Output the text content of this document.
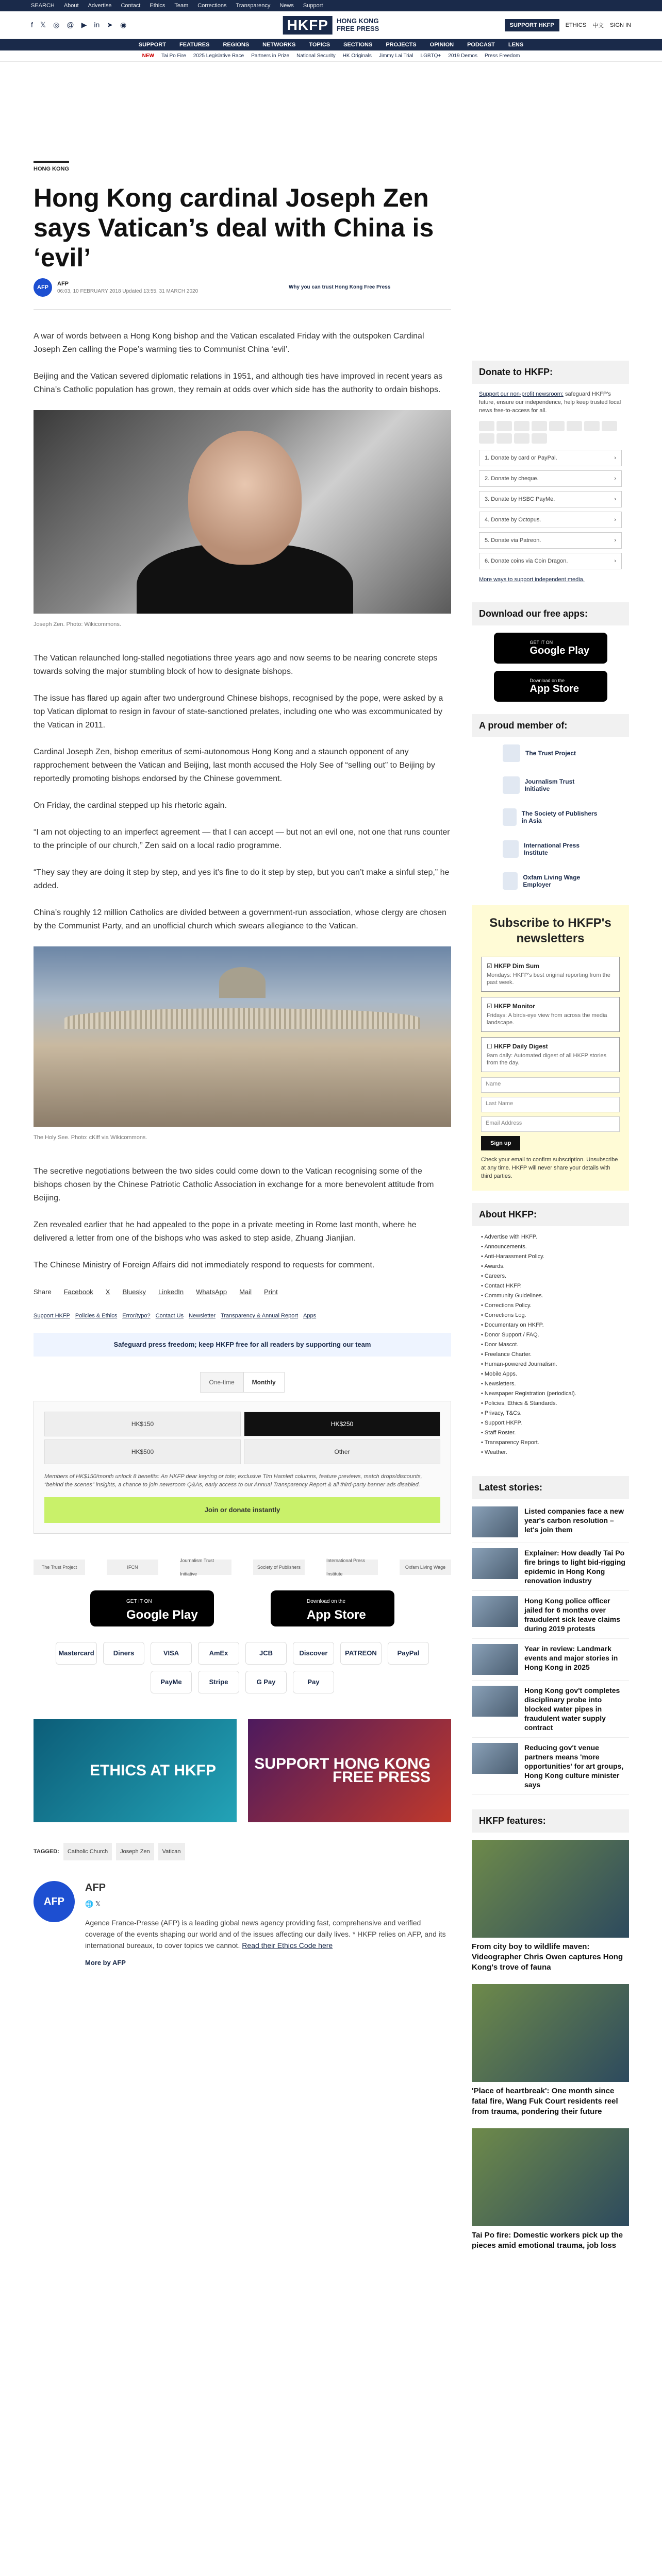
SEARCH About Advertise Contact Ethics Team Corrections Transparency News Support
f 𝕏 ◎ @ ▶ in ➤ ◉	HKFP	HONG KONG
FREE PRESS	SUPPORT HKFP	ETHICS 中文 SIGN IN
SUPPORT FEATURES REGIONS NETWORKS TOPICS SECTIONS PROJECTS OPINION PODCAST LENS
NEW Tai Po Fire 2025 Legislative Race Partners in Prize National Security HK Originals Jimmy Lai Trial LGBTQ+ 2019 Demos Press Freedom
HONG KONG
Hong Kong cardinal Joseph Zen says Vatican’s deal with China is ‘evil’
AFP
AFP
06:03, 10 FEBRUARY 2018 Updated 13:55, 31 MARCH 2020
Why you can trust Hong Kong Free Press

A war of words between a Hong Kong bishop and the Vatican escalated Friday with the outspoken Cardinal Joseph Zen calling the Pope’s warming ties to Communist China ‘evil’.

Beijing and the Vatican severed diplomatic relations in 1951, and although ties have improved in recent years as China’s Catholic population has grown, they remain at odds over which side has the authority to ordain bishops.

Joseph Zen. Photo: Wikicommons.

The Vatican relaunched long-stalled negotiations three years ago and now seems to be nearing concrete steps towards solving the major stumbling block of how to designate bishops.

The issue has flared up again after two underground Chinese bishops, recognised by the pope, were asked by a top Vatican diplomat to resign in favour of state-sanctioned prelates, including one who was excommunicated by the Vatican in 2011.

Cardinal Joseph Zen, bishop emeritus of semi-autonomous Hong Kong and a staunch opponent of any rapprochement between the Vatican and Beijing, last month accused the Holy See of “selling out” to Beijing by reportedly promoting bishops endorsed by the Chinese government.

On Friday, the cardinal stepped up his rhetoric again.

“I am not objecting to an imperfect agreement — that I can accept — but not an evil one, not one that runs counter to the principle of our church,” Zen said on a local radio programme.

“They say they are doing it step by step, and yes it’s fine to do it step by step, but you can’t make a sinful step,” he added.

China’s roughly 12 million Catholics are divided between a government-run association, whose clergy are chosen by the Communist Party, and an unofficial church which swears allegiance to the Vatican.

The Holy See. Photo: cKiff via Wikicommons.

The secretive negotiations between the two sides could come down to the Vatican recognising some of the bishops chosen by the Chinese Patriotic Catholic Association in exchange for a more benevolent attitude from Beijing.

Zen revealed earlier that he had appealed to the pope in a private meeting in Rome last month, where he delivered a letter from one of the bishops who was asked to step aside, Zhuang Jianjian.

The Chinese Ministry of Foreign Affairs did not immediately respond to requests for comment.

Share Facebook X Bluesky LinkedIn WhatsApp Mail Print
Support HKFP Policies & Ethics Error/typo? Contact Us Newsletter Transparency & Annual Report Apps
Safeguard press freedom; keep HKFP free for all readers by supporting our team
One-time	Monthly
HK$150	HK$250
HK$500	Other
Members of HK$150/month unlock 8 benefits: An HKFP dear keyring or tote; exclusive Tim Hamlett columns, feature previews, match drops/discounts, “behind the scenes” insights, a chance to join newsroom Q&As, early access to our Annual Transparency Report & all third-party banner ads disabled.
Join or donate instantly
The Trust Project	IFCN
Journalism Trust Initiative
Society of Publishers
International Press Institute
Oxfam Living Wage
GET IT ON
Google Play
Download on the
App Store
Mastercard	Diners	VISA	AmEx	JCB	Discover	PATREON	PayPal
PayMe	Stripe	G Pay	Pay
ETHICS AT HKFP	SUPPORT HONG KONG FREE PRESS
TAGGED:	Catholic Church	Joseph Zen	Vatican
AFP
AFP
🌐 𝕏
Agence France-Presse (AFP) is a leading global news agency providing fast, comprehensive and verified coverage of the events shaping our world and of the issues affecting our daily lives. * HKFP relies on AFP, and its international bureaux, to cover topics we cannot. Read their Ethics Code here
More by AFP
Donate to HKFP:
Support our non-profit newsroom: safeguard HKFP's future, ensure our independence, help keep trusted local news free-to-access for all.
1. Donate by card or PayPal.	›
2. Donate by cheque.	›
3. Donate by HSBC PayMe.	›
4. Donate by Octopus.	›
5. Donate via Patreon.	›
6. Donate coins via Coin Dragon.	›
More ways to support independent media.
Download our free apps:
GET IT ON
Google Play
Download on the
App Store
A proud member of:
The Trust Project
Journalism Trust Initiative
The Society of Publishers in Asia
International Press Institute
Oxfam Living Wage Employer
Subscribe to HKFP's newsletters
☑ HKFP Dim Sum
Mondays: HKFP's best original reporting from the past week.
☑ HKFP Monitor
Fridays: A birds-eye view from across the media landscape.
☐ HKFP Daily Digest
9am daily: Automated digest of all HKFP stories from the day.
Name
Last Name
Email Address
Sign up
Check your email to confirm subscription. Unsubscribe at any time. HKFP will never share your details with third parties.
About HKFP:
• Advertise with HKFP.
• Announcements.
• Anti-Harassment Policy.
• Awards.
• Careers.
• Contact HKFP.
• Community Guidelines.
• Corrections Policy.
• Corrections Log.
• Documentary on HKFP.
• Donor Support / FAQ.
• Door Mascot.
• Freelance Charter.
• Human-powered Journalism.
• Mobile Apps.
• Newsletters.
• Newspaper Registration (periodical).
• Policies, Ethics & Standards.
• Privacy, T&Cs.
• Support HKFP.
• Staff Roster.
• Transparency Report.
• Weather.
Latest stories:
Listed companies face a new year's carbon resolution – let's join them
Explainer: How deadly Tai Po fire brings to light bid-rigging epidemic in Hong Kong renovation industry
Hong Kong police officer jailed for 6 months over fraudulent sick leave claims during 2019 protests
Year in review: Landmark events and major stories in Hong Kong in 2025
Hong Kong gov't completes disciplinary probe into blocked water pipes in fraudulent water supply contract
Reducing gov't venue partners means 'more opportunities' for art groups, Hong Kong culture minister says
HKFP features:
From city boy to wildlife maven: Videographer Chris Owen captures Hong Kong's trove of fauna
'Place of heartbreak': One month since fatal fire, Wang Fuk Court residents reel from trauma, pondering their future
Tai Po fire: Domestic workers pick up the pieces amid emotional trauma, job loss
